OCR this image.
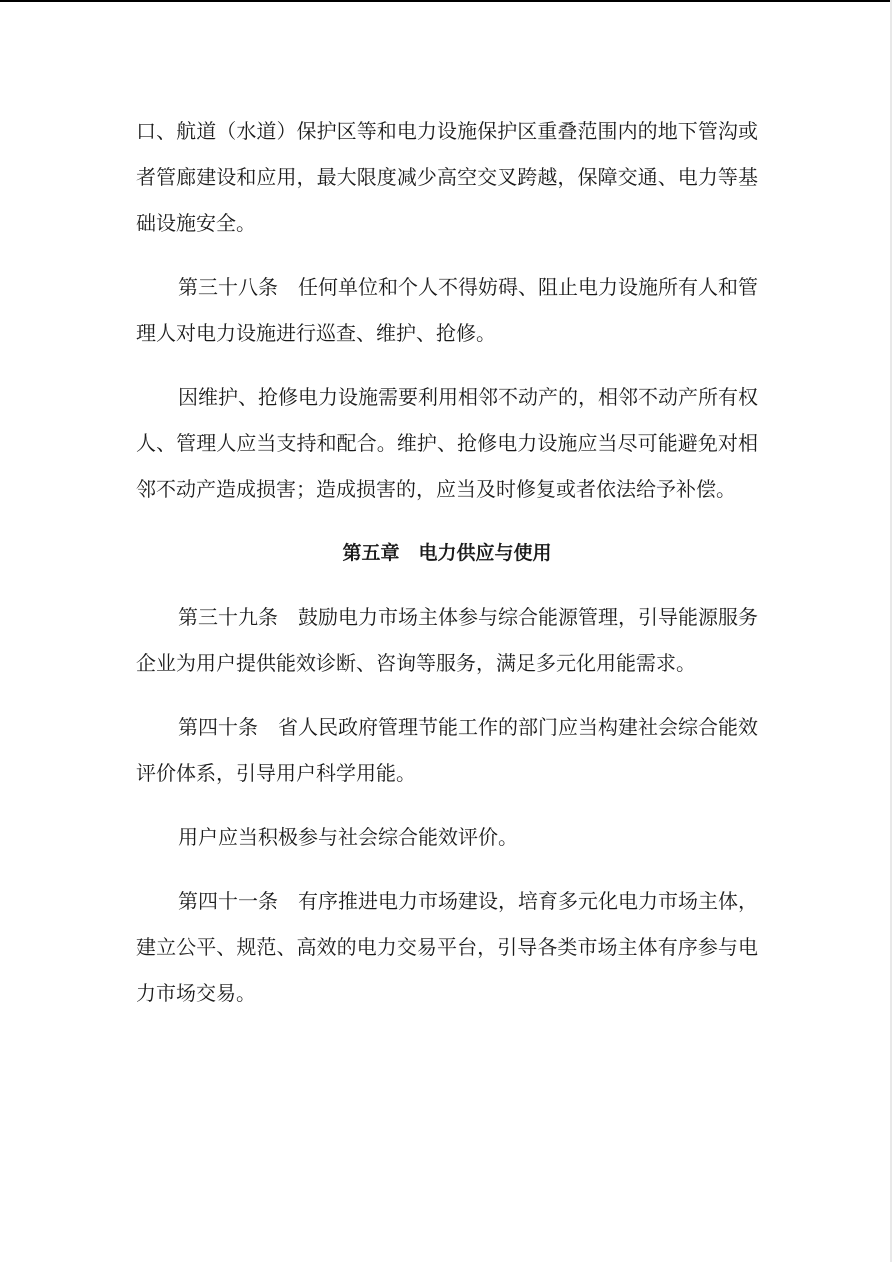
口、航道（水道）保护区等和电力设施保护区重叠范围内的地下管沟或者管廊建设和应用，最大限度减少高空交叉跨越，保障交通、电力等基础设施安全。

第三十八条　任何单位和个人不得妨碍、阻止电力设施所有人和管理人对电力设施进行巡查、维护、抢修。

因维护、抢修电力设施需要利用相邻不动产的，相邻不动产所有权人、管理人应当支持和配合。维护、抢修电力设施应当尽可能避免对相邻不动产造成损害；造成损害的，应当及时修复或者依法给予补偿。

第五章　电力供应与使用

第三十九条　鼓励电力市场主体参与综合能源管理，引导能源服务企业为用户提供能效诊断、咨询等服务，满足多元化用能需求。

第四十条　省人民政府管理节能工作的部门应当构建社会综合能效评价体系，引导用户科学用能。

用户应当积极参与社会综合能效评价。

第四十一条　有序推进电力市场建设，培育多元化电力市场主体，建立公平、规范、高效的电力交易平台，引导各类市场主体有序参与电力市场交易。
